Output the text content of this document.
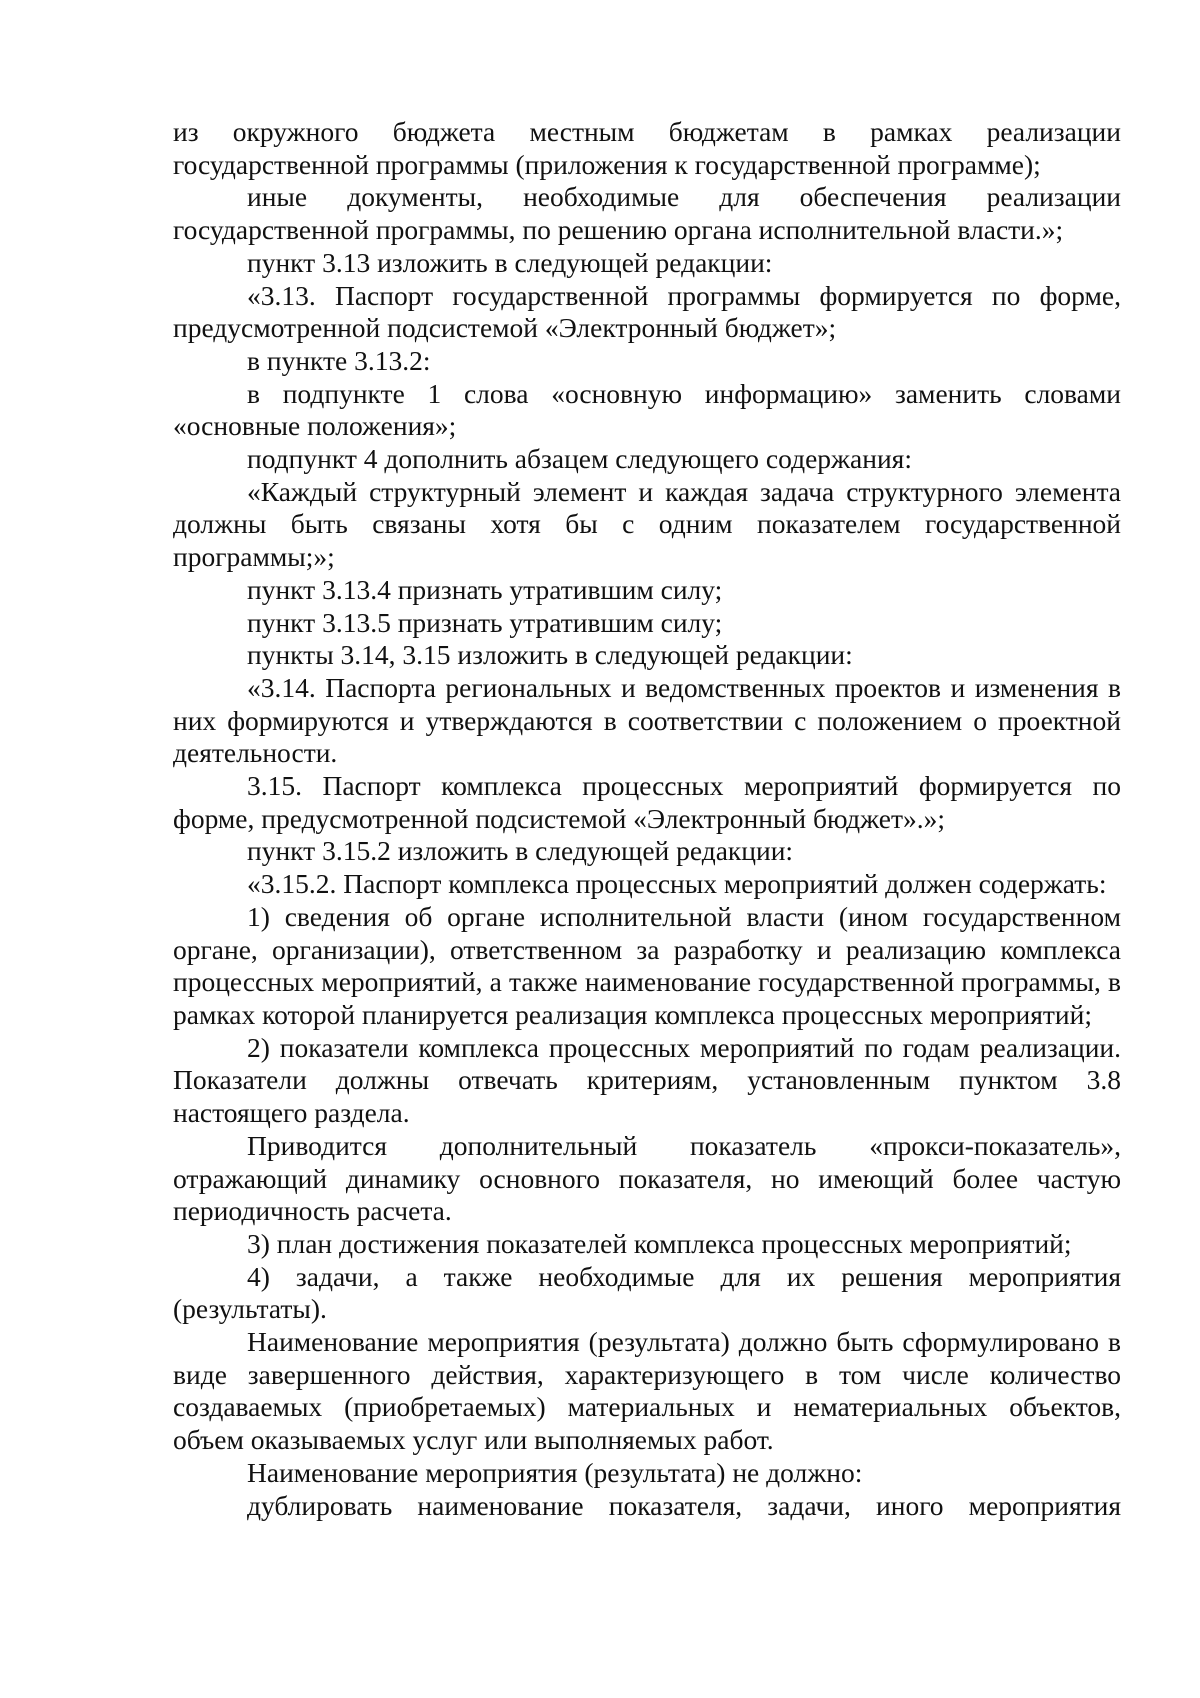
из окружного бюджета местным бюджетам в рамках реализации государственной программы (приложения к государственной программе);

иные документы, необходимые для обеспечения реализации государственной программы, по решению органа исполнительной власти.»;

пункт 3.13 изложить в следующей редакции:

«3.13. Паспорт государственной программы формируется по форме, предусмотренной подсистемой «Электронный бюджет»;

в пункте 3.13.2:

в подпункте 1 слова «основную информацию» заменить словами «основные положения»;

подпункт 4 дополнить абзацем следующего содержания:

«Каждый структурный элемент и каждая задача структурного элемента должны быть связаны хотя бы с одним показателем государственной программы;»;

пункт 3.13.4 признать утратившим силу;

пункт 3.13.5 признать утратившим силу;

пункты 3.14, 3.15 изложить в следующей редакции:

«3.14. Паспорта региональных и ведомственных проектов и изменения в них формируются и утверждаются в соответствии с положением о проектной деятельности.

3.15. Паспорт комплекса процессных мероприятий формируется по форме, предусмотренной подсистемой «Электронный бюджет».»;

пункт 3.15.2 изложить в следующей редакции:

«3.15.2. Паспорт комплекса процессных мероприятий должен содержать:

1) сведения об органе исполнительной власти (ином государственном органе, организации), ответственном за разработку и реализацию комплекса процессных мероприятий, а также наименование государственной программы, в рамках которой планируется реализация комплекса процессных мероприятий;

2) показатели комплекса процессных мероприятий по годам реализации. Показатели должны отвечать критериям, установленным пунктом 3.8 настоящего раздела.

Приводится дополнительный показатель «прокси-показатель», отражающий динамику основного показателя, но имеющий более частую периодичность расчета.

3) план достижения показателей комплекса процессных мероприятий;

4) задачи, а также необходимые для их решения мероприятия (результаты).

Наименование мероприятия (результата) должно быть сформулировано в виде завершенного действия, характеризующего в том числе количество создаваемых (приобретаемых) материальных и нематериальных объектов, объем оказываемых услуг или выполняемых работ.

Наименование мероприятия (результата) не должно:

дублировать наименование показателя, задачи, иного мероприятия
